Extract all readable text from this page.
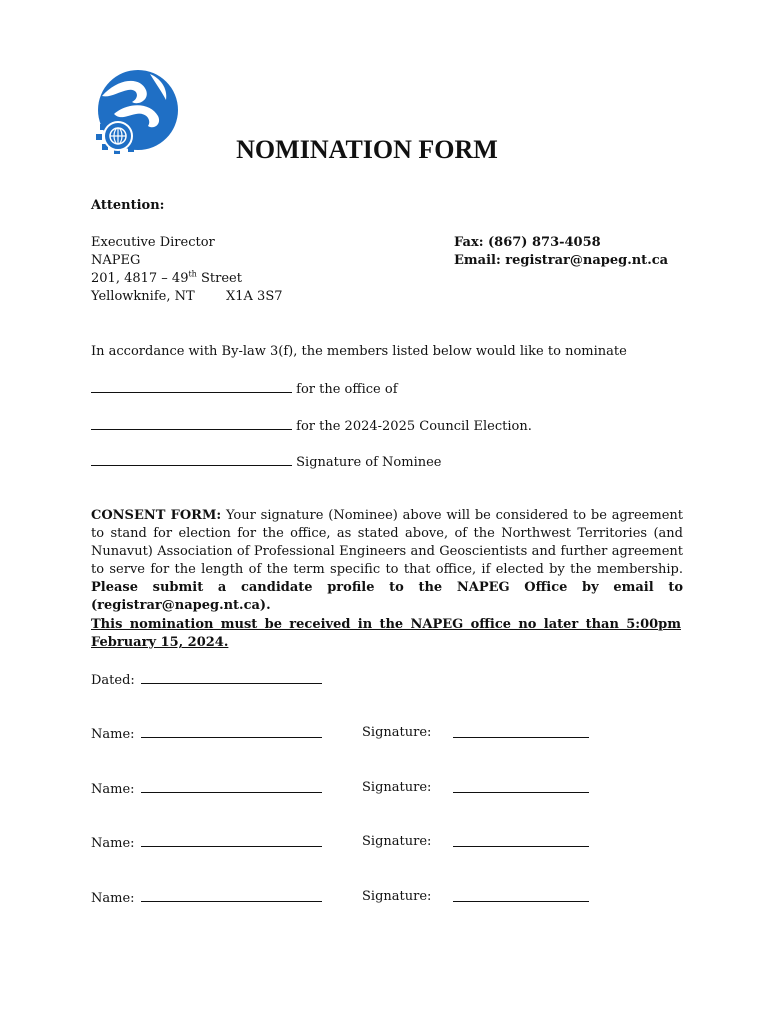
NOMINATION FORM
Attention:
Executive Director
NAPEG
201, 4817 – 49th Street
Yellowknife, NT X1A 3S7
Fax: (867) 873-4058
Email: registrar@napeg.nt.ca
In accordance with By-law 3(f), the members listed below would like to nominate
for the office of
for the 2024-2025 Council Election.
Signature of Nominee
CONSENT FORM: Your signature (Nominee) above will be considered to be agreement to stand for election for the office, as stated above, of the Northwest Territories (and Nunavut) Association of Professional Engineers and Geoscientists and further agreement to serve for the length of the term specific to that office, if elected by the membership. Please submit a candidate profile to the NAPEG Office by email to (registrar@napeg.nt.ca).
This nomination must be received in the NAPEG office no later than 5:00pm February 15, 2024.
Dated:
Name:	Signature:
Name:	Signature:
Name:	Signature:
Name:	Signature:
